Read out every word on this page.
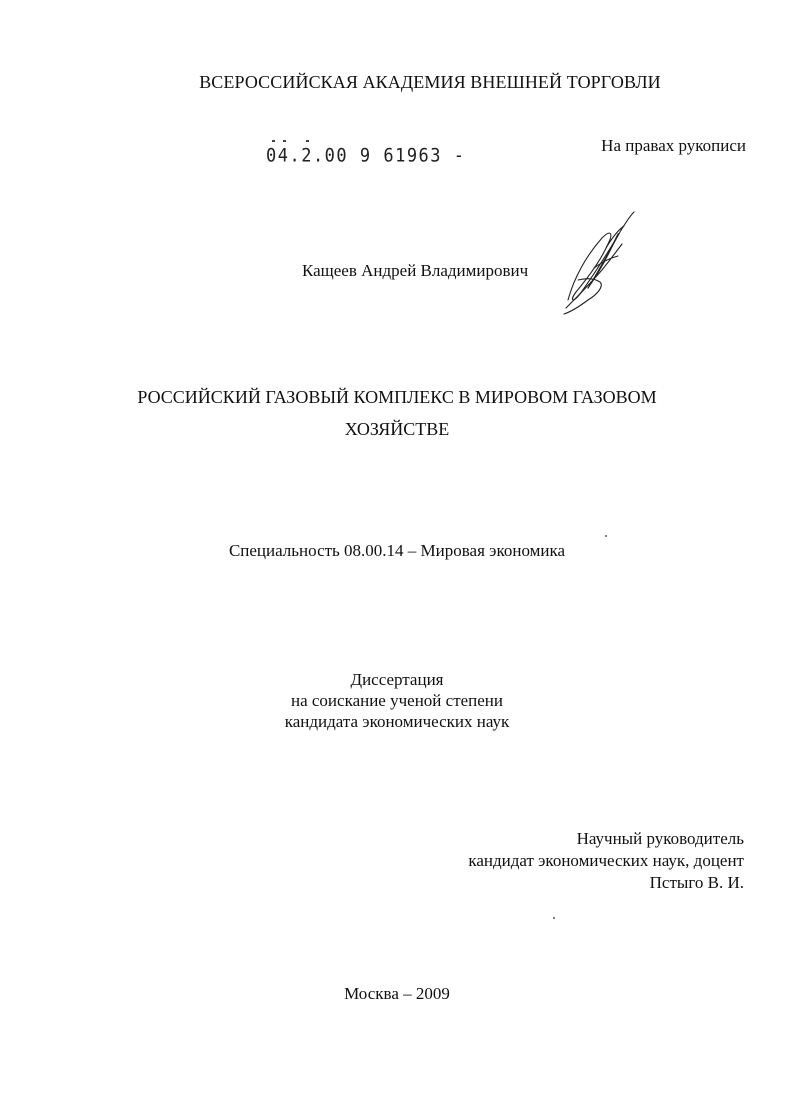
ВСЕРОССИЙСКАЯ АКАДЕМИЯ ВНЕШНЕЙ ТОРГОВЛИ
04.2.00 9 61963 -	На правах рукописи
Кащеев Андрей Владимирович
РОССИЙСКИЙ ГАЗОВЫЙ КОМПЛЕКС В МИРОВОМ ГАЗОВОМ
ХОЗЯЙСТВЕ
Специальность 08.00.14 – Мировая экономика
Диссертация
на соискание ученой степени
кандидата экономических наук
Научный руководитель
кандидат экономических наук, доцент
Пстыго В. И.
Москва – 2009
